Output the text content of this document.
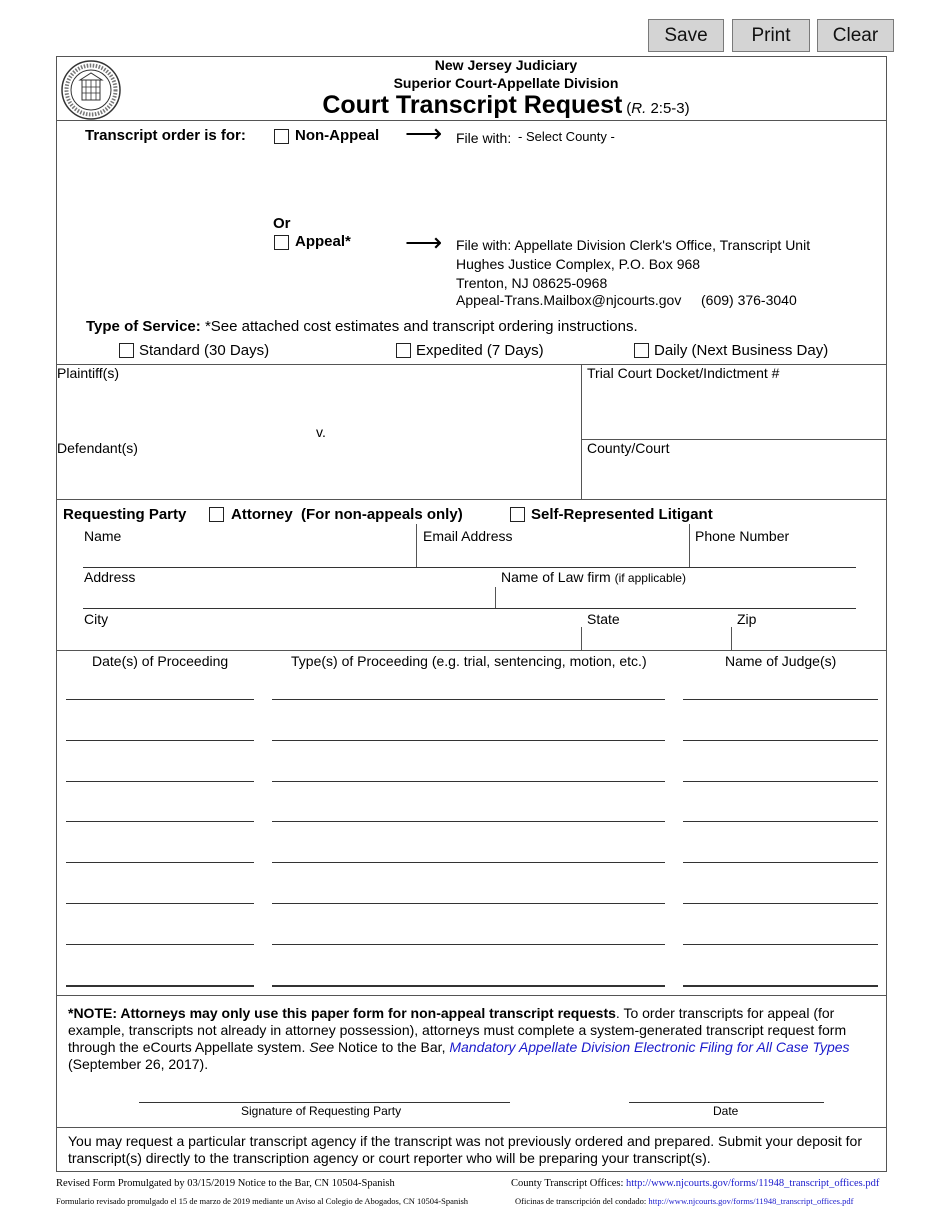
Save	Print	Clear
New Jersey Judiciary
Superior Court-Appellate Division
Court Transcript Request (R. 2:5-3)
Transcript order is for:	Non-Appeal ⟶ File with: - Select County -
Or
Appeal* ⟶ File with: Appellate Division Clerk's Office, Transcript Unit
Hughes Justice Complex, P.O. Box 968
Trenton, NJ 08625-0968
Appeal-Trans.Mailbox@njcourts.gov (609) 376-3040
Type of Service: *See attached cost estimates and transcript ordering instructions.
Standard (30 Days)	Expedited (7 Days)	Daily (Next Business Day)
Plaintiff(s)
v.
Defendant(s)
Trial Court Docket/Indictment #
County/Court
Requesting Party	Attorney (For non-appeals only)	Self-Represented Litigant
Name	Email Address	Phone Number
Address	Name of Law firm (if applicable)
City	State	Zip
Date(s) of Proceeding	Type(s) of Proceeding (e.g. trial, sentencing, motion, etc.)	Name of Judge(s)
*NOTE: Attorneys may only use this paper form for non-appeal transcript requests. To order transcripts for appeal (for example, transcripts not already in attorney possession), attorneys must complete a system-generated transcript request form through the eCourts Appellate system. See Notice to the Bar, Mandatory Appellate Division Electronic Filing for All Case Types (September 26, 2017).
Signature of Requesting Party	Date
You may request a particular transcript agency if the transcript was not previously ordered and prepared. Submit your deposit for transcript(s) directly to the transcription agency or court reporter who will be preparing your transcript(s).
Revised Form Promulgated by 03/15/2019 Notice to the Bar, CN 10504-Spanish	County Transcript Offices: http://www.njcourts.gov/forms/11948_transcript_offices.pdf
Formulario revisado promulgado el 15 de marzo de 2019 mediante un Aviso al Colegio de Abogados, CN 10504-Spanish	Oficinas de transcripción del condado: http://www.njcourts.gov/forms/11948_transcript_offices.pdf
